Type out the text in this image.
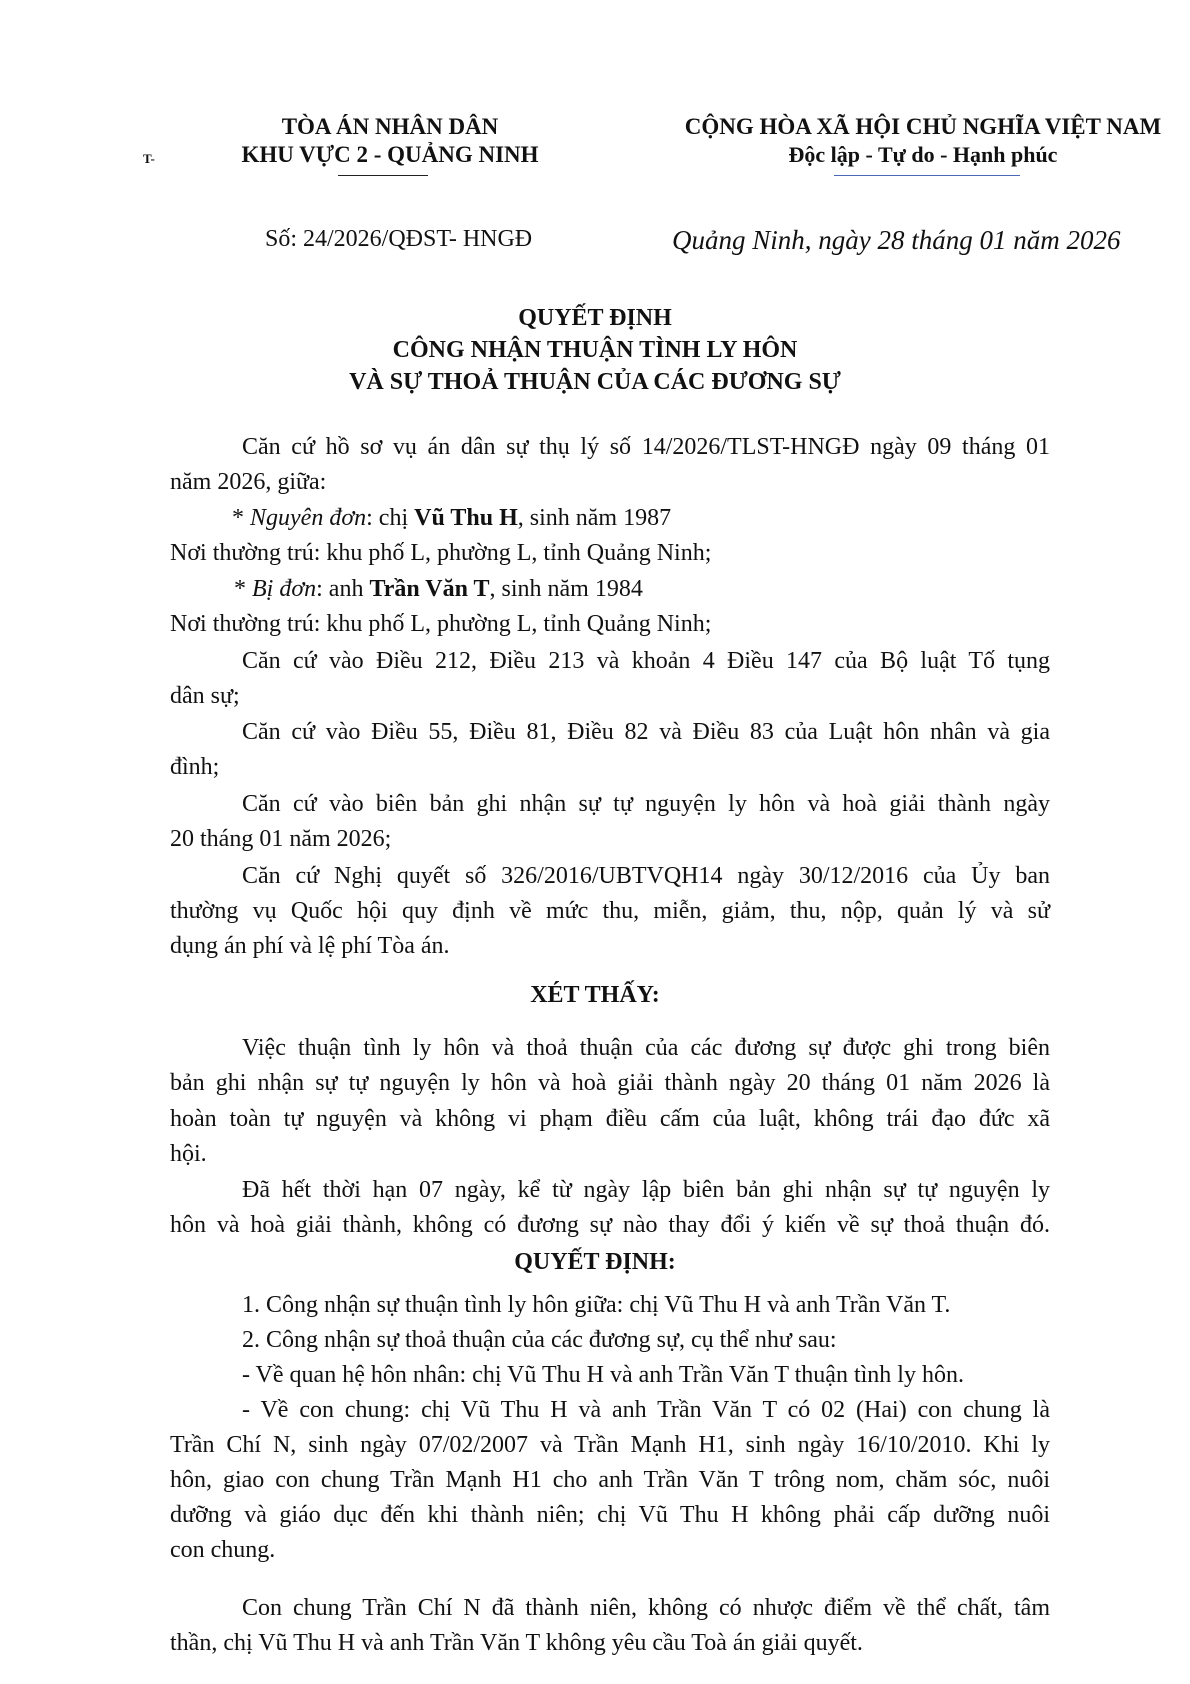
T-
TÒA ÁN NHÂN DÂN
KHU VỰC 2 - QUẢNG NINH
CỘNG HÒA XÃ HỘI CHỦ NGHĨA VIỆT NAM
Độc lập - Tự do - Hạnh phúc
Số: 24/2026/QĐST- HNGĐ	Quảng Ninh, ngày 28 tháng 01 năm 2026
QUYẾT ĐỊNH
CÔNG NHẬN THUẬN TÌNH LY HÔN
VÀ SỰ THOẢ THUẬN CỦA CÁC ĐƯƠNG SỰ
Căn cứ hồ sơ vụ án dân sự thụ lý số 14/2026/TLST-HNGĐ ngày 09 tháng 01
năm 2026, giữa:
* Nguyên đơn: chị Vũ Thu H, sinh năm 1987
Nơi thường trú: khu phố L, phường L, tỉnh Quảng Ninh;
* Bị đơn: anh Trần Văn T, sinh năm 1984
Nơi thường trú: khu phố L, phường L, tỉnh Quảng Ninh;
Căn cứ vào Điều 212, Điều 213 và khoản 4 Điều 147 của Bộ luật Tố tụng
dân sự;
Căn cứ vào Điều 55, Điều 81, Điều 82 và Điều 83 của Luật hôn nhân và gia
đình;
Căn cứ vào biên bản ghi nhận sự tự nguyện ly hôn và hoà giải thành ngày
20 tháng 01 năm 2026;
Căn cứ Nghị quyết số 326/2016/UBTVQH14 ngày 30/12/2016 của Ủy ban
thường vụ Quốc hội quy định về mức thu, miễn, giảm, thu, nộp, quản lý và sử
dụng án phí và lệ phí Tòa án.
XÉT THẤY:
Việc thuận tình ly hôn và thoả thuận của các đương sự được ghi trong biên
bản ghi nhận sự tự nguyện ly hôn và hoà giải thành ngày 20 tháng 01 năm 2026 là
hoàn toàn tự nguyện và không vi phạm điều cấm của luật, không trái đạo đức xã
hội.
Đã hết thời hạn 07 ngày, kể từ ngày lập biên bản ghi nhận sự tự nguyện ly
hôn và hoà giải thành, không có đương sự nào thay đổi ý kiến về sự thoả thuận đó.
QUYẾT ĐỊNH:
1. Công nhận sự thuận tình ly hôn giữa: chị Vũ Thu H và anh Trần Văn T.
2. Công nhận sự thoả thuận của các đương sự, cụ thể như sau:
- Về quan hệ hôn nhân: chị Vũ Thu H và anh Trần Văn T thuận tình ly hôn.
- Về con chung: chị Vũ Thu H và anh Trần Văn T có 02 (Hai) con chung là
Trần Chí N, sinh ngày 07/02/2007 và Trần Mạnh H1, sinh ngày 16/10/2010. Khi ly
hôn, giao con chung Trần Mạnh H1 cho anh Trần Văn T trông nom, chăm sóc, nuôi
dưỡng và giáo dục đến khi thành niên; chị Vũ Thu H không phải cấp dưỡng nuôi
con chung.
Con chung Trần Chí N đã thành niên, không có nhược điểm về thể chất, tâm
thần, chị Vũ Thu H và anh Trần Văn T không yêu cầu Toà án giải quyết.
